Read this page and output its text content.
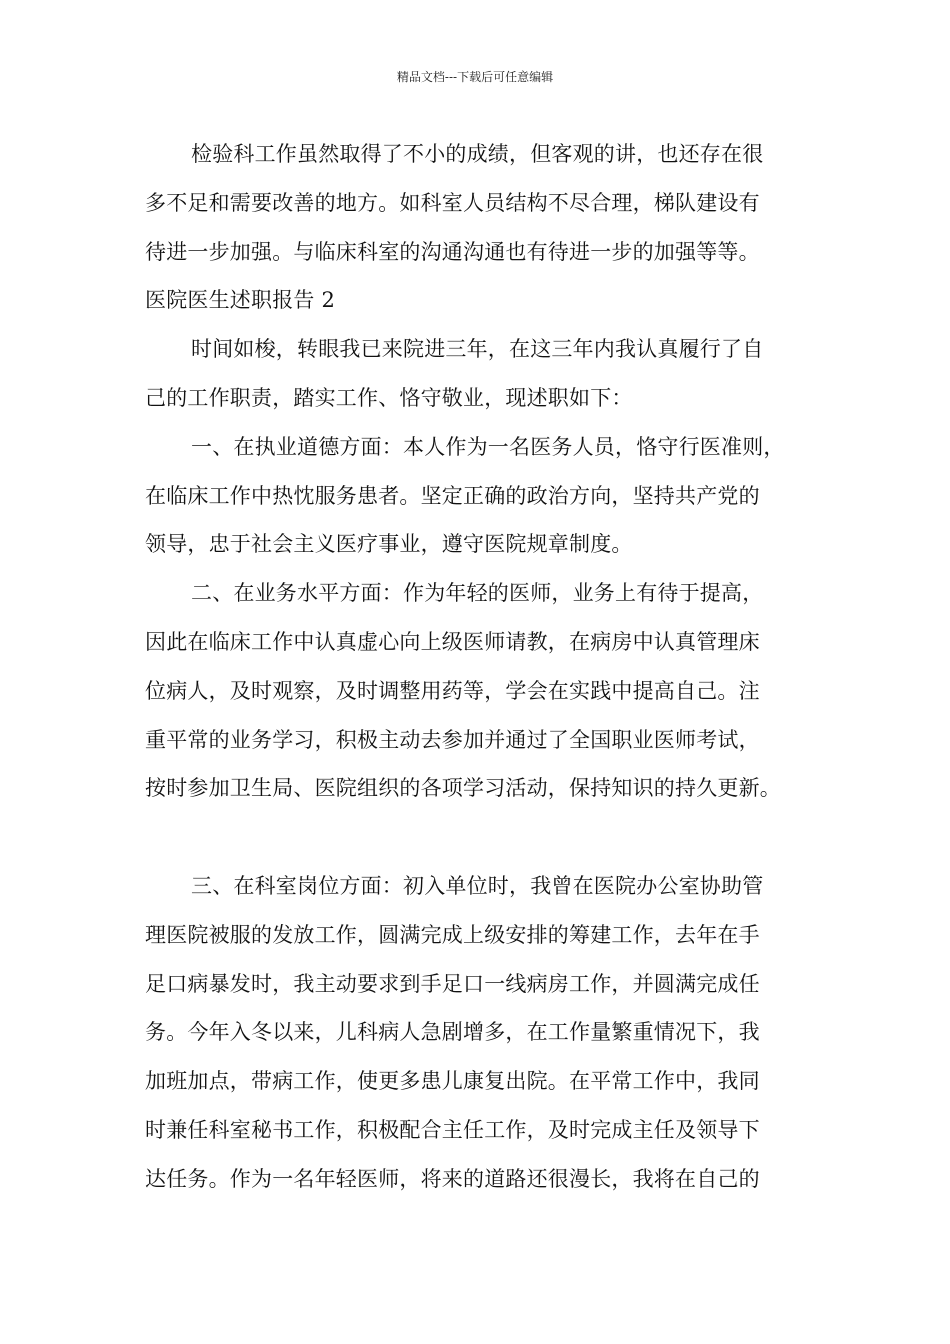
精品文档---下载后可任意编辑
检验科工作虽然取得了不小的成绩，但客观的讲，也还存在很
多不足和需要改善的地方。如科室人员结构不尽合理，梯队建设有
待进一步加强。与临床科室的沟通沟通也有待进一步的加强等等。
医院医生述职报告 2
时间如梭，转眼我已来院进三年，在这三年内我认真履行了自
己的工作职责，踏实工作、恪守敬业，现述职如下：
一、在执业道德方面：本人作为一名医务人员，恪守行医准则，
在临床工作中热忱服务患者。坚定正确的政治方向，坚持共产党的
领导，忠于社会主义医疗事业，遵守医院规章制度。
二、在业务水平方面：作为年轻的医师，业务上有待于提高，
因此在临床工作中认真虚心向上级医师请教，在病房中认真管理床
位病人，及时观察，及时调整用药等，学会在实践中提高自己。注
重平常的业务学习，积极主动去参加并通过了全国职业医师考试，
按时参加卫生局、医院组织的各项学习活动，保持知识的持久更新。
三、在科室岗位方面：初入单位时，我曾在医院办公室协助管
理医院被服的发放工作，圆满完成上级安排的筹建工作，去年在手
足口病暴发时，我主动要求到手足口一线病房工作，并圆满完成任
务。今年入冬以来，儿科病人急剧增多，在工作量繁重情况下，我
加班加点，带病工作，使更多患儿康复出院。在平常工作中，我同
时兼任科室秘书工作，积极配合主任工作，及时完成主任及领导下
达任务。作为一名年轻医师，将来的道路还很漫长，我将在自己的
